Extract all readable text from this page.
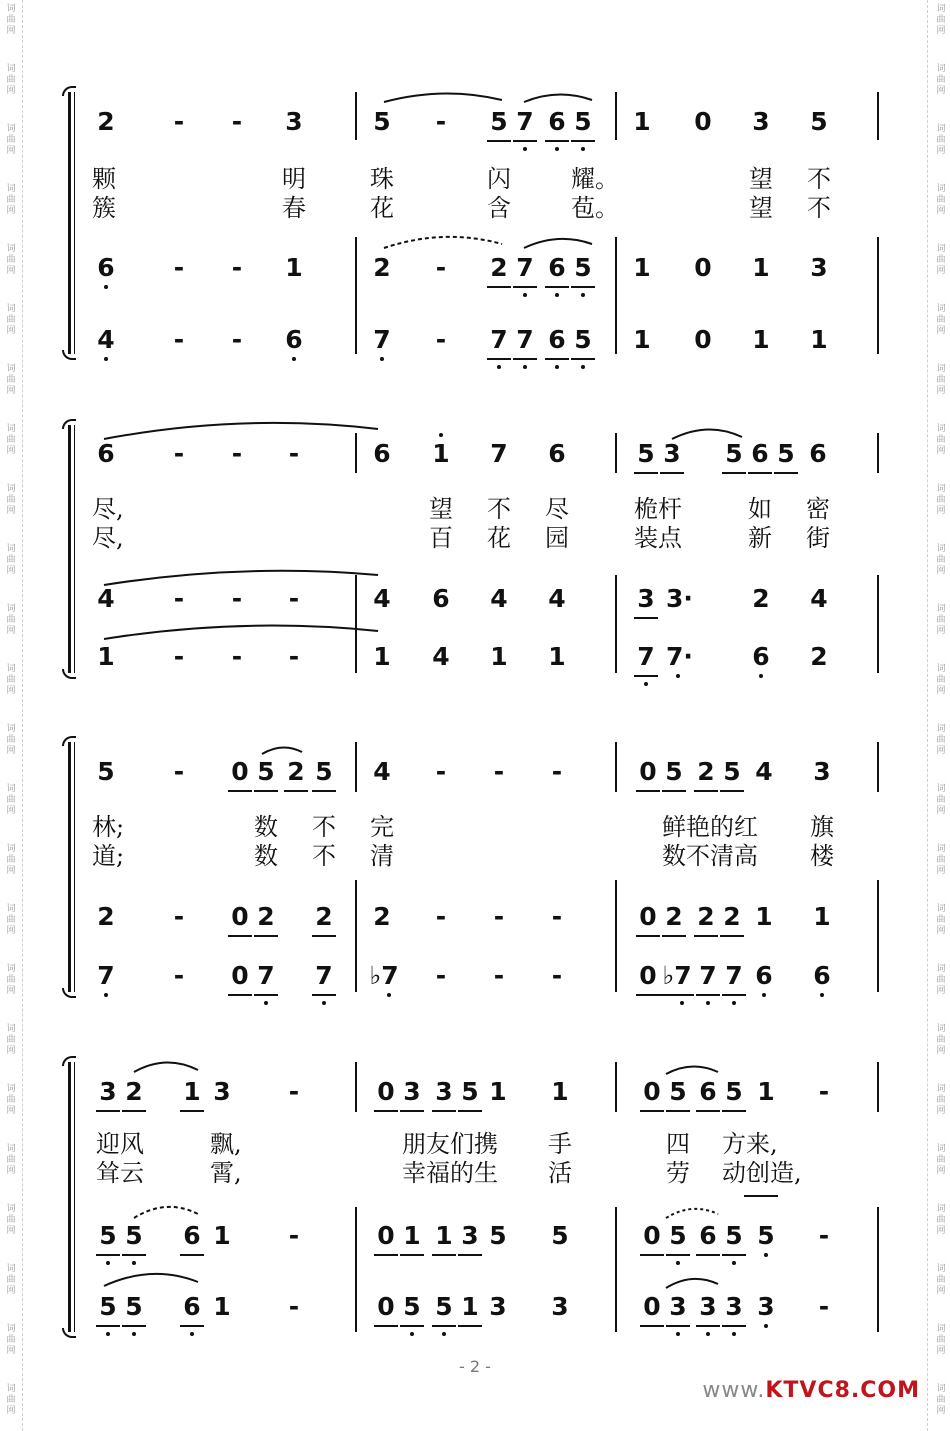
2 - - 3	5 - 5 7 6 5 1 0 3 5
颗	明	珠	闪	耀。	望 不
簇	春	花	含	苞。	望 不
6 - - 1	2 - 2 7 6 5 1 0 1 3
4 - - 6	7 - 7 7 6 5 1 0 1 1
6 - - -	6 1 7 6	5 3 5 6 5 6
尽,	望 不 尽	桅杆	如 密
尽,	百 花 园	装点	新 街
4 - - -	4 6 4 4	3 3· 2 4
1 - - -	1 4 1 1	7 7· 6 2
5 - 0 5 2 5 4 - - -	0 5 2 5 4 3
林;	数 不 完	鲜艳的红 旗
道;	数 不 清	数不清高 楼
2 - 0 2 2 2 - - -	0 2 2 2 1 1
7 - 0 7 7 ♭7 - - -	0 ♭7 7 7 6 6
3 2 1 3 -	0 3 3 5 1 1	0 5 6 5 1 -
迎风	飘,	朋友们携 手	四 方来,
耸云	霄,	幸福的生 活	劳 动创造,
5 5 6 1 -	0 1 1 3 5 5	0 5 6 5 5 -
5 5 6 1 -	0 5 5 1 3 3	0 3 3 3 3 -
- 2 -
www.KTVC8.COM
词
曲
网
词
曲
网
词
曲
网
词
曲
网
词
曲
网
词
曲
网
词
曲
网
词
曲
网
词
曲
网
词
曲
网
词
曲
网
词
曲
网
词
曲
网
词
曲
网
词
曲
网
词
曲
网
词
曲
网
词
曲
网
词
曲
网
词
曲
网
词
曲
网
词
曲
网
词
曲
网
词
曲
网
词
曲
网
词
曲
网
词
曲
网
词
曲
网
词
曲
网
词
曲
网
词
曲
网
词
曲
网
词
曲
网
词
曲
网
词
曲
网
词
曲
网
词
曲
网
词
曲
网
词
曲
网
词
曲
网
词
曲
网
词
曲
网
词
曲
网
词
曲
网
词
曲
网
词
曲
网
词
曲
网
词
曲
网
